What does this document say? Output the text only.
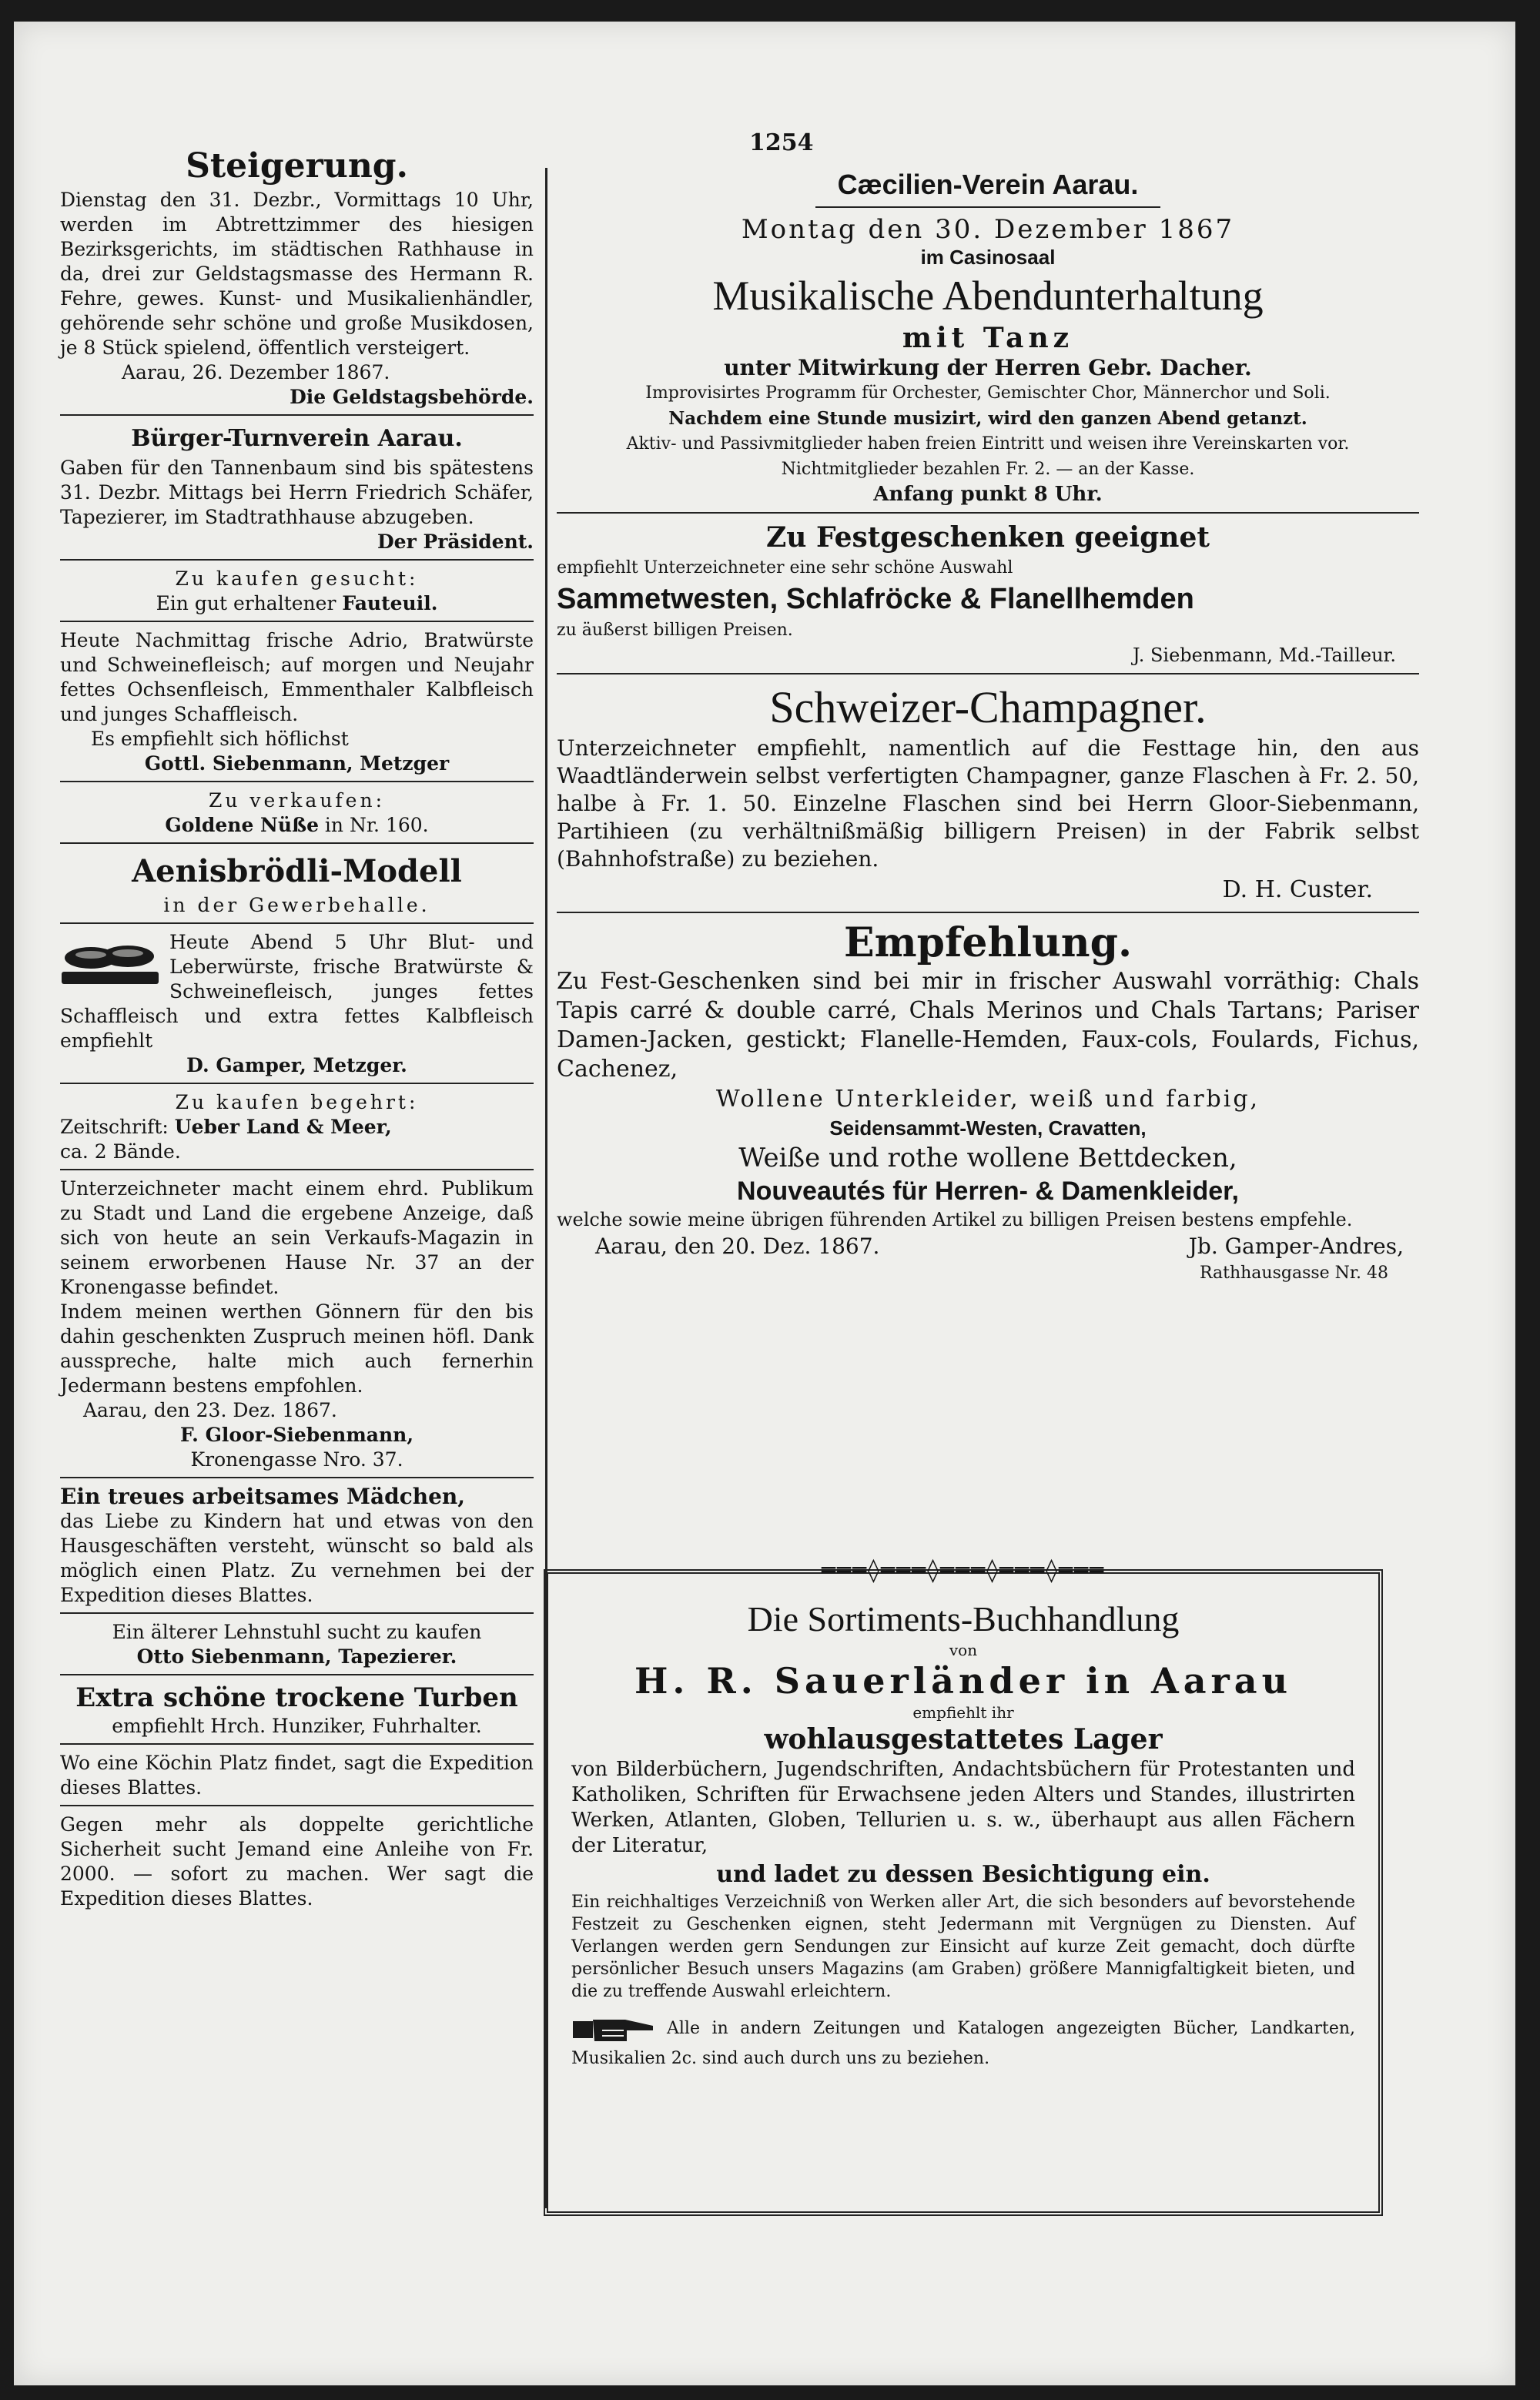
1254
Steigerung.

Dienstag den 31. Dezbr., Vormittags 10 Uhr, werden im Abtrettzimmer des hiesigen Bezirksgerichts, im städtischen Rathhause in da, drei zur Geldstagsmasse des Hermann R. Fehre, gewes. Kunst- und Musikalienhändler, gehörende sehr schöne und große Musikdosen, je 8 Stück spielend, öffentlich versteigert.

Aarau, 26. Dezember 1867.

Die Geldstagsbehörde.

Bürger-Turnverein Aarau.

Gaben für den Tannenbaum sind bis spätestens 31. Dezbr. Mittags bei Herrn Friedrich Schäfer, Tapezierer, im Stadtrathhause abzugeben.

Der Präsident.

Zu kaufen gesucht:

Ein gut erhaltener Fauteuil.

Heute Nachmittag frische Adrio, Bratwürste und Schweinefleisch; auf morgen und Neujahr fettes Ochsenfleisch, Emmenthaler Kalbfleisch und junges Schaffleisch.

Es empfiehlt sich höflichst

Gottl. Siebenmann, Metzger

Zu verkaufen:

Goldene Nüße in Nr. 160.

Aenisbrödli-Modell

in der Gewerbehalle.

Heute Abend 5 Uhr Blut- und Leberwürste, frische Bratwürste & Schweinefleisch, junges fettes Schaffleisch und extra fettes Kalbfleisch empfiehlt

D. Gamper, Metzger.

Zu kaufen begehrt:

Zeitschrift: Ueber Land & Meer,

ca. 2 Bände.

Unterzeichneter macht einem ehrd. Publikum zu Stadt und Land die ergebene Anzeige, daß sich von heute an sein Verkaufs-Magazin in seinem erworbenen Hause Nr. 37 an der Kronengasse befindet.

Indem meinen werthen Gönnern für den bis dahin geschenkten Zuspruch meinen höfl. Dank ausspreche, halte mich auch fernerhin Jedermann bestens empfohlen.

Aarau, den 23. Dez. 1867.

F. Gloor-Siebenmann,

Kronengasse Nro. 37.

Ein treues arbeitsames Mädchen,

das Liebe zu Kindern hat und etwas von den Hausgeschäften versteht, wünscht so bald als möglich einen Platz. Zu vernehmen bei der Expedition dieses Blattes.

Ein älterer Lehnstuhl sucht zu kaufen

Otto Siebenmann, Tapezierer.

Extra schöne trockene Turben

empfiehlt Hrch. Hunziker, Fuhrhalter.

Wo eine Köchin Platz findet, sagt die Expedition dieses Blattes.

Gegen mehr als doppelte gerichtliche Sicherheit sucht Jemand eine Anleihe von Fr. 2000. — sofort zu machen. Wer sagt die Expedition dieses Blattes.

Cæcilien-Verein Aarau.

Montag den 30. Dezember 1867

im Casinosaal

Musikalische Abendunterhaltung

mit Tanz

unter Mitwirkung der Herren Gebr. Dacher.

Improvisirtes Programm für Orchester, Gemischter Chor, Männerchor und Soli.

Nachdem eine Stunde musizirt, wird den ganzen Abend getanzt.

Aktiv- und Passivmitglieder haben freien Eintritt und weisen ihre Vereinskarten vor.

Nichtmitglieder bezahlen Fr. 2. — an der Kasse.

Anfang punkt 8 Uhr.

Zu Festgeschenken geeignet

empfiehlt Unterzeichneter eine sehr schöne Auswahl

Sammetwesten, Schlafröcke & Flanellhemden

zu äußerst billigen Preisen.

J. Siebenmann, Md.-Tailleur.

Schweizer-Champagner.

Unterzeichneter empfiehlt, namentlich auf die Festtage hin, den aus Waadtländerwein selbst verfertigten Champagner, ganze Flaschen à Fr. 2. 50, halbe à Fr. 1. 50. Einzelne Flaschen sind bei Herrn Gloor-Siebenmann, Partihieen (zu verhältnißmäßig billigern Preisen) in der Fabrik selbst (Bahnhofstraße) zu beziehen.

D. H. Custer.

Empfehlung.

Zu Fest-Geschenken sind bei mir in frischer Auswahl vorräthig: Chals Tapis carré & double carré, Chals Merinos und Chals Tartans; Pariser Damen-Jacken, gestickt; Flanelle-Hemden, Faux-cols, Foulards, Fichus, Cachenez,

Wollene Unterkleider, weiß und farbig,

Seidensammt-Westen, Cravatten,

Weiße und rothe wollene Bettdecken,

Nouveautés für Herren- & Damenkleider,

welche sowie meine übrigen führenden Artikel zu billigen Preisen bestens empfehle.

Aarau, den 20. Dez. 1867.	Jb. Gamper-Andres,

Rathhausgasse Nr. 48

═══◊═══◊═══◊═══◊═══

Die Sortiments-Buchhandlung

von

H. R. Sauerländer in Aarau

empfiehlt ihr

wohlausgestattetes Lager

von Bilderbüchern, Jugendschriften, Andachtsbüchern für Protestanten und Katholiken, Schriften für Erwachsene jeden Alters und Standes, illustrirten Werken, Atlanten, Globen, Tellurien u. s. w., überhaupt aus allen Fächern der Literatur,

und ladet zu dessen Besichtigung ein.

Ein reichhaltiges Verzeichniß von Werken aller Art, die sich besonders auf bevorstehende Festzeit zu Geschenken eignen, steht Jedermann mit Vergnügen zu Diensten. Auf Verlangen werden gern Sendungen zur Einsicht auf kurze Zeit gemacht, doch dürfte persönlicher Besuch unsers Magazins (am Graben) größere Mannigfaltigkeit bieten, und die zu treffende Auswahl erleichtern.

Alle in andern Zeitungen und Katalogen angezeigten Bücher, Landkarten, Musikalien 2c. sind auch durch uns zu beziehen.
